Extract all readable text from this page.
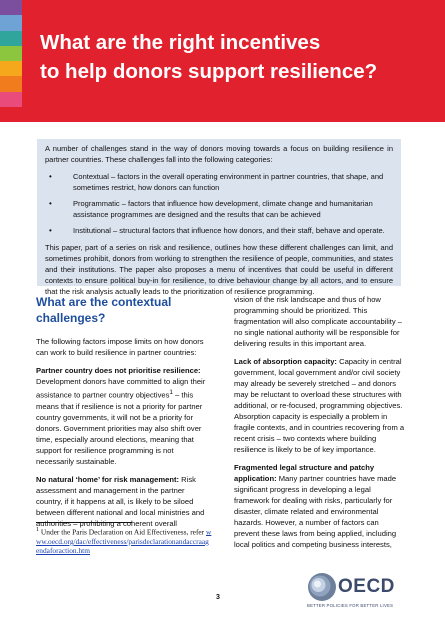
What are the right incentives
to help donors support resilience?

A number of challenges stand in the way of donors moving towards a focus on building resilience in partner countries. These challenges fall into the following categories:

• Contextual – factors in the overall operating environment in partner countries, that shape, and sometimes restrict, how donors can function
• Programmatic – factors that influence how development, climate change and humanitarian assistance programmes are designed and the results that can be achieved
• Institutional – structural factors that influence how donors, and their staff, behave and operate.

This paper, part of a series on risk and resilience, outlines how these different challenges can limit, and sometimes prohibit, donors from working to strengthen the resilience of people, communities, and states and their institutions. The paper also proposes a menu of incentives that could be useful in different contexts to ensure political buy-in for resilience, to drive behaviour change by all actors, and to ensure that the risk analysis actually leads to the prioritization of resilience programming.

What are the contextual challenges?

The following factors impose limits on how donors can work to build resilience in partner countries:

Partner country does not prioritise resilience: Development donors have committed to align their assistance to partner country objectives$^1$ – this means that if resilience is not a priority for partner country governments, it will not be a priority for donors. Government priorities may also shift over time, especially around elections, meaning that support for resilience programming is not necessarily sustainable.

No natural ‘home’ for risk management: Risk assessment and management in the partner country, if it happens at all, is likely to be siloed between different national and local ministries and authorities – prohibiting a coherent overall

vision of the risk landscape and thus of how programming should be prioritized. This fragmentation will also complicate accountability – no single national authority will be responsible for delivering results in this important area.

Lack of absorption capacity: Capacity in central government, local government and/or civil society may already be severely stretched – and donors may be reluctant to overload these structures with additional, or re-focused, programming objectives. Absorption capacity is especially a problem in fragile contexts, and in countries recovering from a recent crisis – two contexts where building resilience is likely to be of key importance.

Fragmented legal structure and patchy application: Many partner countries have made significant progress in developing a legal framework for dealing with risks, particularly for disaster, climate related and environmental hazards. However, a number of factors can prevent these laws from being applied, including local politics and competing business interests,

$^1$ Under the Paris Declaration on Aid Effectiveness, refer www.oecd.org/dac/effectiveness/parisdeclarationandaccraagendaforaction.htm
3
OECD
BETTER POLICIES FOR BETTER LIVES
